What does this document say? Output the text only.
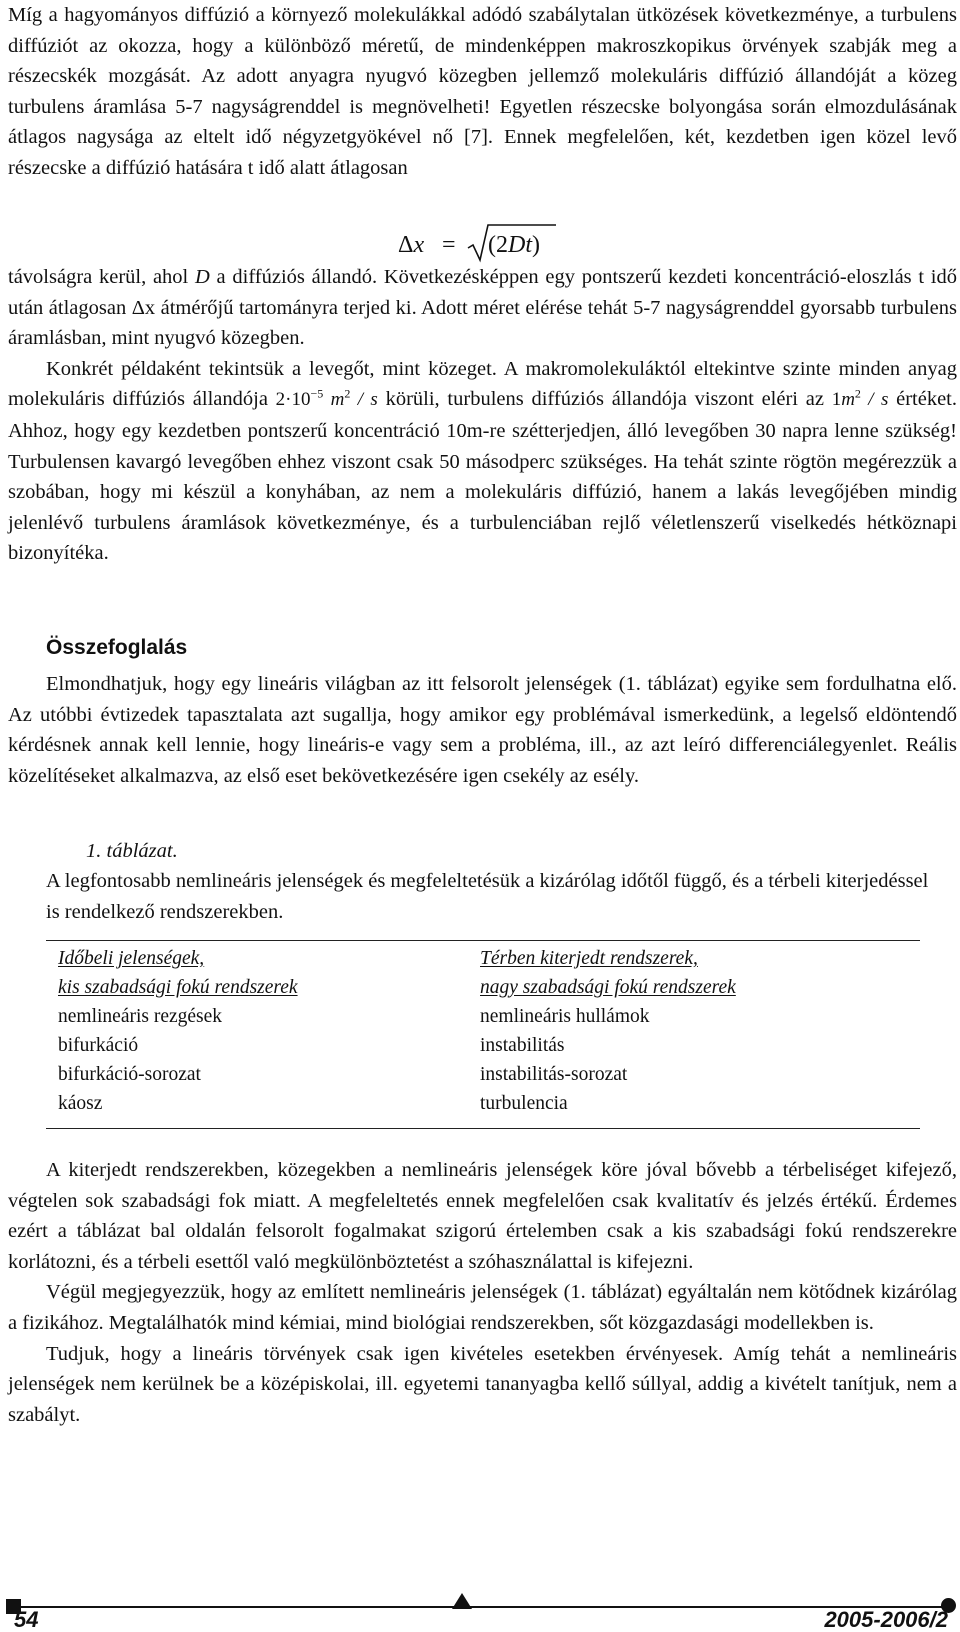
Míg a hagyományos diffúzió a környező molekulákkal adódó szabálytalan ütközések következménye, a turbulens diffúziót az okozza, hogy a különböző méretű, de mindenképpen makroszkopikus örvények szabják meg a részecskék mozgását. Az adott anyagra nyugvó közegben jellemző molekuláris diffúzió állandóját a közeg turbulens áramlása 5-7 nagyságrenddel is megnövelheti! Egyetlen részecske bolyongása során elmozdulásának átlagos nagysága az eltelt idő négyzetgyökével nő [7]. Ennek megfelelően, két, kezdetben igen közel levő részecske a diffúzió hatására t idő alatt átlagosan

Δx = (2Dt)

távolságra kerül, ahol D a diffúziós állandó. Következésképpen egy pontszerű kezdeti koncentráció-eloszlás t idő után átlagosan Δx átmérőjű tartományra terjed ki. Adott méret elérése tehát 5-7 nagyságrenddel gyorsabb turbulens áramlásban, mint nyugvó közegben.

Konkrét példaként tekintsük a levegőt, mint közeget. A makromolekuláktól eltekintve szinte minden anyag molekuláris diffúziós állandója $2\cdot 10^{-5}$ $m^2$ / s körüli, turbulens diffúziós állandója viszont eléri az $1m^2$ / s értéket. Ahhoz, hogy egy kezdetben pontszerű koncentráció 10m-re szétterjedjen, álló levegőben 30 napra lenne szükség! Turbulensen kavargó levegőben ehhez viszont csak 50 másodperc szükséges. Ha tehát szinte rögtön megérezzük a szobában, hogy mi készül a konyhában, az nem a molekuláris diffúzió, hanem a lakás levegőjében mindig jelenlévő turbulens áramlások következménye, és a turbulenciában rejlő véletlenszerű viselkedés hétköznapi bizonyítéka.

Összefoglalás

Elmondhatjuk, hogy egy lineáris világban az itt felsorolt jelenségek (1. táblázat) egyike sem fordulhatna elő. Az utóbbi évtizedek tapasztalata azt sugallja, hogy amikor egy problémával ismerkedünk, a legelső eldöntendő kérdésnek annak kell lennie, hogy lineáris-e vagy sem a probléma, ill., az azt leíró differenciálegyenlet. Reális közelítéseket alkalmazva, az első eset bekövetkezésére igen csekély az esély.

1. táblázat.
A legfontosabb nemlineáris jelenségek és megfeleltetésük a kizárólag időtől függő, és a térbeli kiterjedéssel is rendelkező rendszerekben.
Időbeli jelenségek,
kis szabadsági fokú rendszerek
nemlineáris rezgések
bifurkáció
bifurkáció-sorozat
káosz
Térben kiterjedt rendszerek,
nagy szabadsági fokú rendszerek
nemlineáris hullámok
instabilitás
instabilitás-sorozat
turbulencia

A kiterjedt rendszerekben, közegekben a nemlineáris jelenségek köre jóval bővebb a térbeliséget kifejező, végtelen sok szabadsági fok miatt. A megfeleltetés ennek megfelelően csak kvalitatív és jelzés értékű. Érdemes ezért a táblázat bal oldalán felsorolt fogalmakat szigorú értelemben csak a kis szabadsági fokú rendszerekre korlátozni, és a térbeli esettől való megkülönböztetést a szóhasználattal is kifejezni.

Végül megjegyezzük, hogy az említett nemlineáris jelenségek (1. táblázat) egyáltalán nem kötődnek kizárólag a fizikához. Megtalálhatók mind kémiai, mind biológiai rendszerekben, sőt közgazdasági modellekben is.

Tudjuk, hogy a lineáris törvények csak igen kivételes esetekben érvényesek. Amíg tehát a nemlineáris jelenségek nem kerülnek be a középiskolai, ill. egyetemi tananyagba kellő súllyal, addig a kivételt tanítjuk, nem a szabályt.

54	2005-2006/2
